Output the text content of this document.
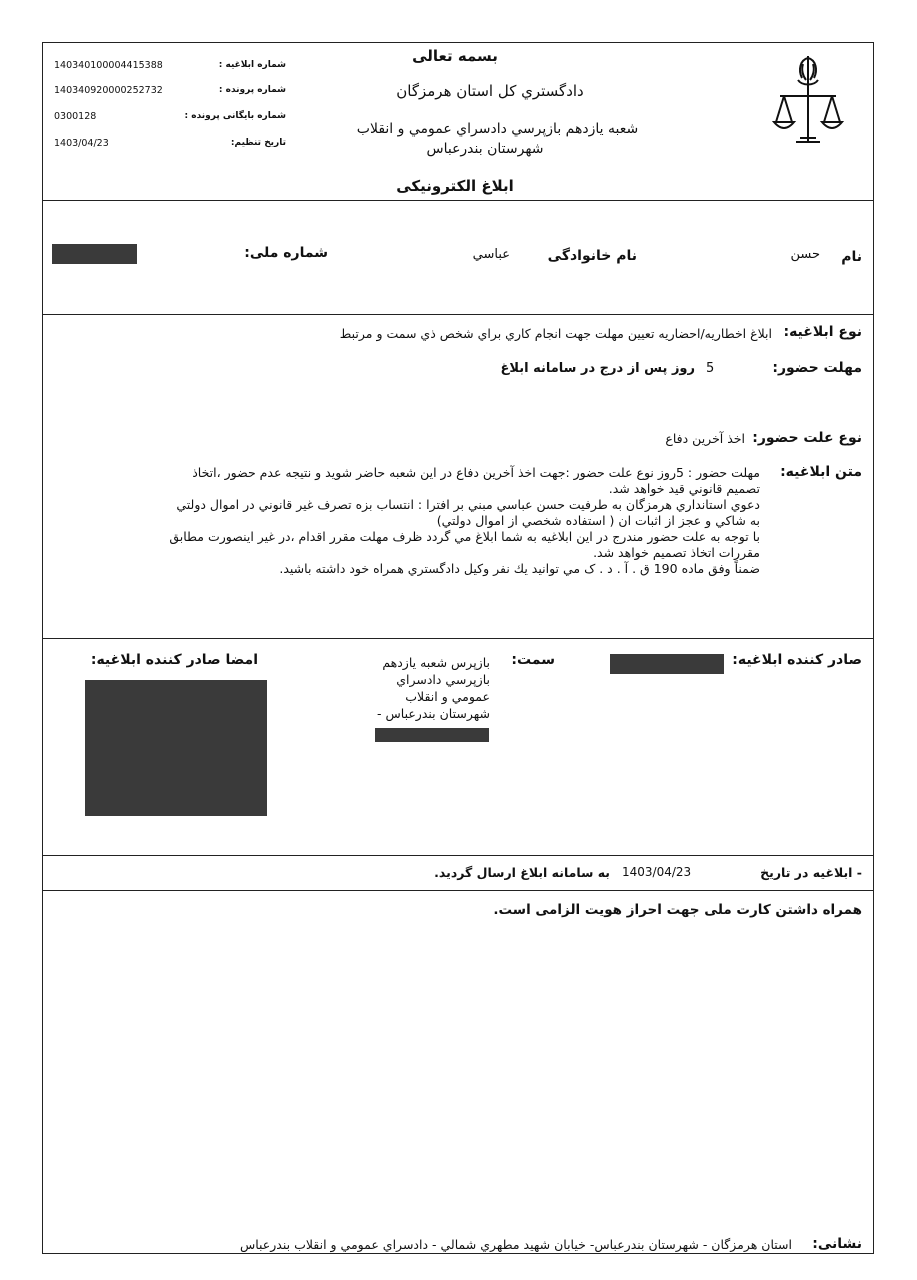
بسمه تعالی
دادگستري کل استان هرمزگان
شعبه يازدهم بازپرسي دادسراي عمومي و انقلاب
شهرستان بندرعباس
ابلاغ الکترونیکی
140340100004415388	شماره ابلاغیه :
140340920000252732	شماره پرونده :
0300128	شماره بایگانی پرونده :
1403/04/23	تاریخ تنظیم:
نام
حسن
نام خانوادگی
عباسي
شماره ملی:
نوع ابلاغیه:
ابلاغ اخطاريه/احضاريه تعيين مهلت جهت انجام کاري براي شخص ذي سمت و مرتبط
مهلت حضور:
5
روز پس از درج در سامانه ابلاغ
نوع علت حضور:
اخذ آخرين دفاع
متن ابلاغیه:
مهلت حضور : 5روز نوع علت حضور :جهت اخذ آخرين دفاع در اين شعبه حاضر شويد و نتيجه عدم حضور ،اتخاذ
تصميم قانوني قيد خواهد شد.
دعوي استانداري هرمزگان به طرفيت حسن عباسي مبني بر افترا : انتساب بزه تصرف غير قانوني در اموال دولتي
به شاکي و عجز از اثبات ان ( استفاده شخصي از اموال دولتي)
با توجه به علت حضور مندرج در اين ابلاغيه به شما ابلاغ مي گردد ظرف مهلت مقرر اقدام ،در غير اينصورت مطابق
مقررات اتخاذ تصميم خواهد شد.
ضمناً وفق ماده 190 ق . آ . د . ک مي توانيد يك نفر وکيل دادگستري همراه خود داشته باشيد.
صادر کننده ابلاغیه:
سمت:
بازپرس شعبه يازدهم
بازپرسي دادسراي
عمومي و انقلاب
شهرستان بندرعباس -
امضا صادر کننده ابلاغیه:
- ابلاغیه در تاریخ
1403/04/23
به سامانه ابلاغ ارسال گردید.
همراه داشتن کارت ملی جهت احراز هویت الزامی است.
نشانی:
استان هرمزگان - شهرستان بندرعباس- خيابان شهيد مطهري شمالي - دادسراي عمومي و انقلاب بندرعباس
